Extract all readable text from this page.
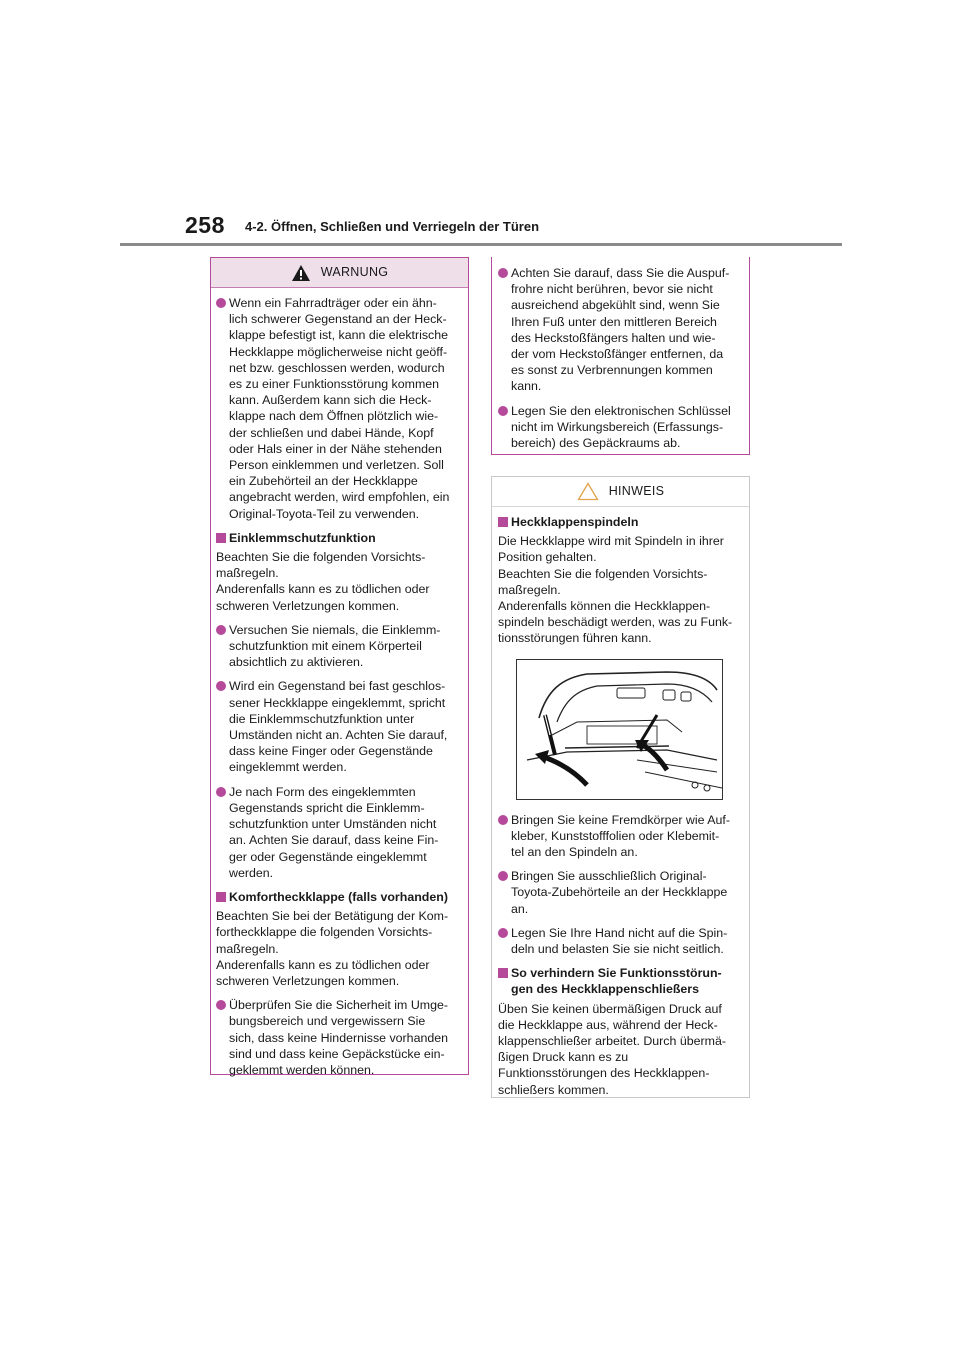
258 4-2. Öffnen, Schließen und Verriegeln der Türen
WARNUNG
Wenn ein Fahrradträger oder ein ähn-
lich schwerer Gegenstand an der Heck-
klappe befestigt ist, kann die elektrische
Heckklappe möglicherweise nicht geöff-
net bzw. geschlossen werden, wodurch
es zu einer Funktionsstörung kommen
kann. Außerdem kann sich die Heck-
klappe nach dem Öffnen plötzlich wie-
der schließen und dabei Hände, Kopf
oder Hals einer in der Nähe stehenden
Person einklemmen und verletzen. Soll
ein Zubehörteil an der Heckklappe
angebracht werden, wird empfohlen, ein
Original-Toyota-Teil zu verwenden.
Einklemmschutzfunktion
Beachten Sie die folgenden Vorsichts-
maßregeln.
Anderenfalls kann es zu tödlichen oder
schweren Verletzungen kommen.
Versuchen Sie niemals, die Einklemm-
schutzfunktion mit einem Körperteil
absichtlich zu aktivieren.
Wird ein Gegenstand bei fast geschlos-
sener Heckklappe eingeklemmt, spricht
die Einklemmschutzfunktion unter
Umständen nicht an. Achten Sie darauf,
dass keine Finger oder Gegenstände
eingeklemmt werden.
Je nach Form des eingeklemmten
Gegenstands spricht die Einklemm-
schutzfunktion unter Umständen nicht
an. Achten Sie darauf, dass keine Fin-
ger oder Gegenstände eingeklemmt
werden.
Komfortheckklappe (falls vorhanden)
Beachten Sie bei der Betätigung der Kom-
fortheckklappe die folgenden Vorsichts-
maßregeln.
Anderenfalls kann es zu tödlichen oder
schweren Verletzungen kommen.
Überprüfen Sie die Sicherheit im Umge-
bungsbereich und vergewissern Sie
sich, dass keine Hindernisse vorhanden
sind und dass keine Gepäckstücke ein-
geklemmt werden können.
Achten Sie darauf, dass Sie die Auspuf-
frohre nicht berühren, bevor sie nicht
ausreichend abgekühlt sind, wenn Sie
Ihren Fuß unter den mittleren Bereich
des Heckstoßfängers halten und wie-
der vom Heckstoßfänger entfernen, da
es sonst zu Verbrennungen kommen
kann.
Legen Sie den elektronischen Schlüssel
nicht im Wirkungsbereich (Erfassungs-
bereich) des Gepäckraums ab.
HINWEIS
Heckklappenspindeln
Die Heckklappe wird mit Spindeln in ihrer
Position gehalten.
Beachten Sie die folgenden Vorsichts-
maßregeln.
Anderenfalls können die Heckklappen-
spindeln beschädigt werden, was zu Funk-
tionsstörungen führen kann.
Bringen Sie keine Fremdkörper wie Auf-
kleber, Kunststofffolien oder Klebemit-
tel an den Spindeln an.
Bringen Sie ausschließlich Original-
Toyota-Zubehörteile an der Heckklappe
an.
Legen Sie Ihre Hand nicht auf die Spin-
deln und belasten Sie sie nicht seitlich.
So verhindern Sie Funktionsstörun-
gen des Heckklappenschließers
Üben Sie keinen übermäßigen Druck auf
die Heckklappe aus, während der Heck-
klappenschließer arbeitet. Durch übermä-
ßigen Druck kann es zu
Funktionsstörungen des Heckklappen-
schließers kommen.
